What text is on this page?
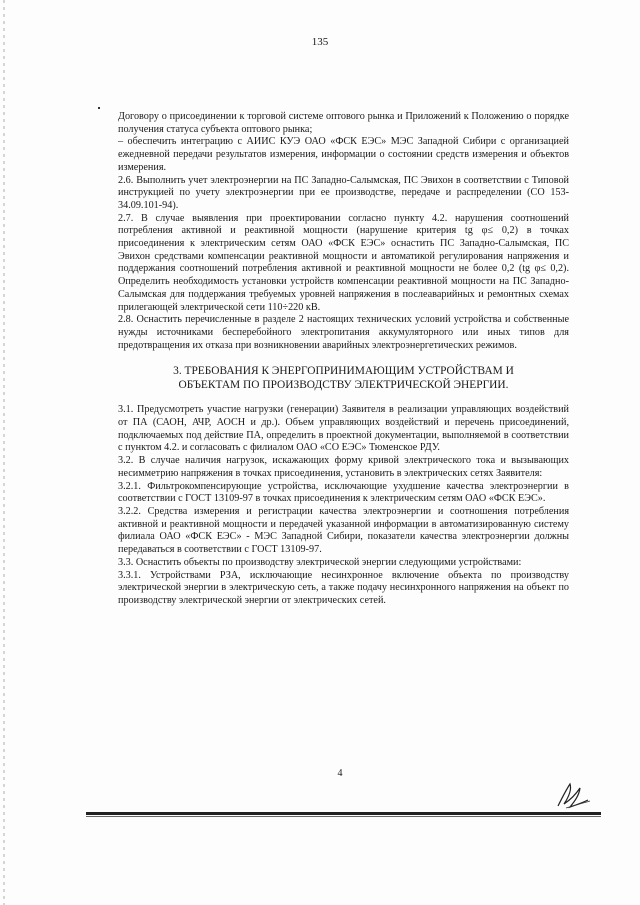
135

Договору о присоединении к торговой системе оптового рынка и Приложений к Положению о порядке получения статуса субъекта оптового рынка;

– обеспечить интеграцию с АИИС КУЭ ОАО «ФСК ЕЭС» МЭС Западной Сибири с организацией ежедневной передачи результатов измерения, информации о состоянии средств измерения и объектов измерения.

2.6. Выполнить учет электроэнергии на ПС Западно-Салымская, ПС Эвихон в соответствии с Типовой инструкцией по учету электроэнергии при ее производстве, передаче и распределении (СО 153-34.09.101-94).

2.7. В случае выявления при проектировании согласно пункту 4.2. нарушения соотношений потребления активной и реактивной мощности (нарушение критерия tg φ≤ 0,2) в точках присоединения к электрическим сетям ОАО «ФСК ЕЭС» оснастить ПС Западно-Салымская, ПС Эвихон средствами компенсации реактивной мощности и автоматикой регулирования напряжения и поддержания соотношений потребления активной и реактивной мощности не более 0,2 (tg φ≤ 0,2). Определить необходимость установки устройств компенсации реактивной мощности на ПС Западно-Салымская для поддержания требуемых уровней напряжения в послеаварийных и ремонтных схемах прилегающей электрической сети 110÷220 кВ.

2.8. Оснастить перечисленные в разделе 2 настоящих технических условий устройства и собственные нужды источниками бесперебойного электропитания аккумуляторного или иных типов для предотвращения их отказа при возникновении аварийных электроэнергетических режимов.

3. ТРЕБОВАНИЯ К ЭНЕРГОПРИНИМАЮЩИМ УСТРОЙСТВАМ И

ОБЪЕКТАМ ПО ПРОИЗВОДСТВУ ЭЛЕКТРИЧЕСКОЙ ЭНЕРГИИ.

3.1. Предусмотреть участие нагрузки (генерации) Заявителя в реализации управляющих воздействий от ПА (САОН, АЧР, АОСН и др.). Объем управляющих воздействий и перечень присоединений, подключаемых под действие ПА, определить в проектной документации, выполняемой в соответствии с пунктом 4.2. и согласовать с филиалом ОАО «СО ЕЭС» Тюменское РДУ.

3.2. В случае наличия нагрузок, искажающих форму кривой электрического тока и вызывающих несимметрию напряжения в точках присоединения, установить в электрических сетях Заявителя:

3.2.1. Фильтрокомпенсирующие устройства, исключающие ухудшение качества электроэнергии в соответствии с ГОСТ 13109-97 в точках присоединения к электрическим сетям ОАО «ФСК ЕЭС».

3.2.2. Средства измерения и регистрации качества электроэнергии и соотношения потребления активной и реактивной мощности и передачей указанной информации в автоматизированную систему филиала ОАО «ФСК ЕЭС» - МЭС Западной Сибири, показатели качества электроэнергии должны передаваться в соответствии с ГОСТ 13109-97.

3.3. Оснастить объекты по производству электрической энергии следующими устройствами:

3.3.1. Устройствами РЗА, исключающие несинхронное включение объекта по производству электрической энергии в электрическую сеть, а также подачу несинхронного напряжения на объект по производству электрической энергии от электрических сетей.

4
